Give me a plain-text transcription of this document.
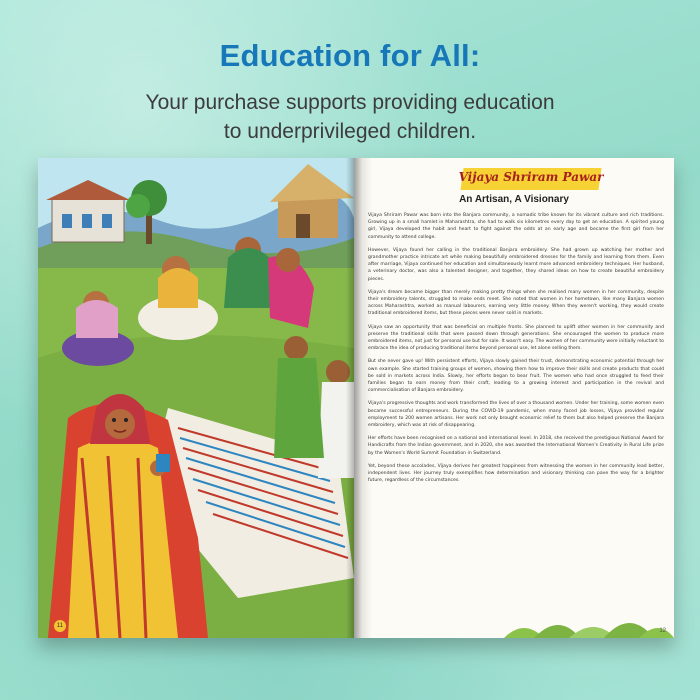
Education for All:
Your purchase supports providing education
to underprivileged children.
11
Vijaya Shriram Pawar
An Artisan, A Visionary

Vijaya Shriram Pawar was born into the Banjara community, a nomadic tribe known for its vibrant culture and rich traditions. Growing up in a small hamlet in Maharashtra, she had to walk six kilometres every day to get an education. A spirited young girl, Vijaya developed the habit and heart to fight against the odds at an early age and became the first girl from her community to attend college.

However, Vijaya found her calling in the traditional Banjara embroidery. She had grown up watching her mother and grandmother practice intricate art while making beautifully embroidered dresses for the family and learning from them. Even after marriage, Vijaya continued her education and simultaneously learnt more advanced embroidery techniques. Her husband, a veterinary doctor, was also a talented designer, and together, they shared ideas on how to create beautiful embroidery pieces.

Vijaya's dream became bigger than merely making pretty things when she realised many women in her community, despite their embroidery talents, struggled to make ends meet. She noted that women in her hometown, like many Banjara women across Maharashtra, worked as manual labourers, earning very little money. When they weren't working, they would create traditional embroidered items, but these pieces were never sold in markets.

Vijaya saw an opportunity that was beneficial on multiple fronts. She planned to uplift other women in her community and preserve the traditional skills that were passed down through generations. She encouraged the women to produce more embroidered items, not just for personal use but for sale. It wasn't easy. The women of her community were initially reluctant to embrace the idea of producing traditional items beyond personal use, let alone selling them.

But she never gave up! With persistent efforts, Vijaya slowly gained their trust, demonstrating economic potential through her own example. She started training groups of women, showing them how to improve their skills and create products that could be sold in markets across India. Slowly, her efforts began to bear fruit. The women who had once struggled to feed their families began to earn money from their craft, leading to a growing interest and participation in the revival and commercialisation of Banjara embroidery.

Vijaya's progressive thoughts and work transformed the lives of over a thousand women. Under her training, some women even became successful entrepreneurs. During the COVID-19 pandemic, when many faced job losses, Vijaya provided regular employment to 200 women artisans. Her work not only brought economic relief to them but also helped preserve the Banjara embroidery, which was at risk of disappearing.

Her efforts have been recognised on a national and international level. In 2018, she received the prestigious National Award for Handicrafts from the Indian government, and in 2020, she was awarded the International Women's Creativity in Rural Life prize by the Women's World Summit Foundation in Switzerland.

Yet, beyond these accolades, Vijaya derives her greatest happiness from witnessing the women in her community lead better, independent lives. Her journey truly exemplifies how determination and visionary thinking can pave the way for a brighter future, regardless of the circumstances.

12
